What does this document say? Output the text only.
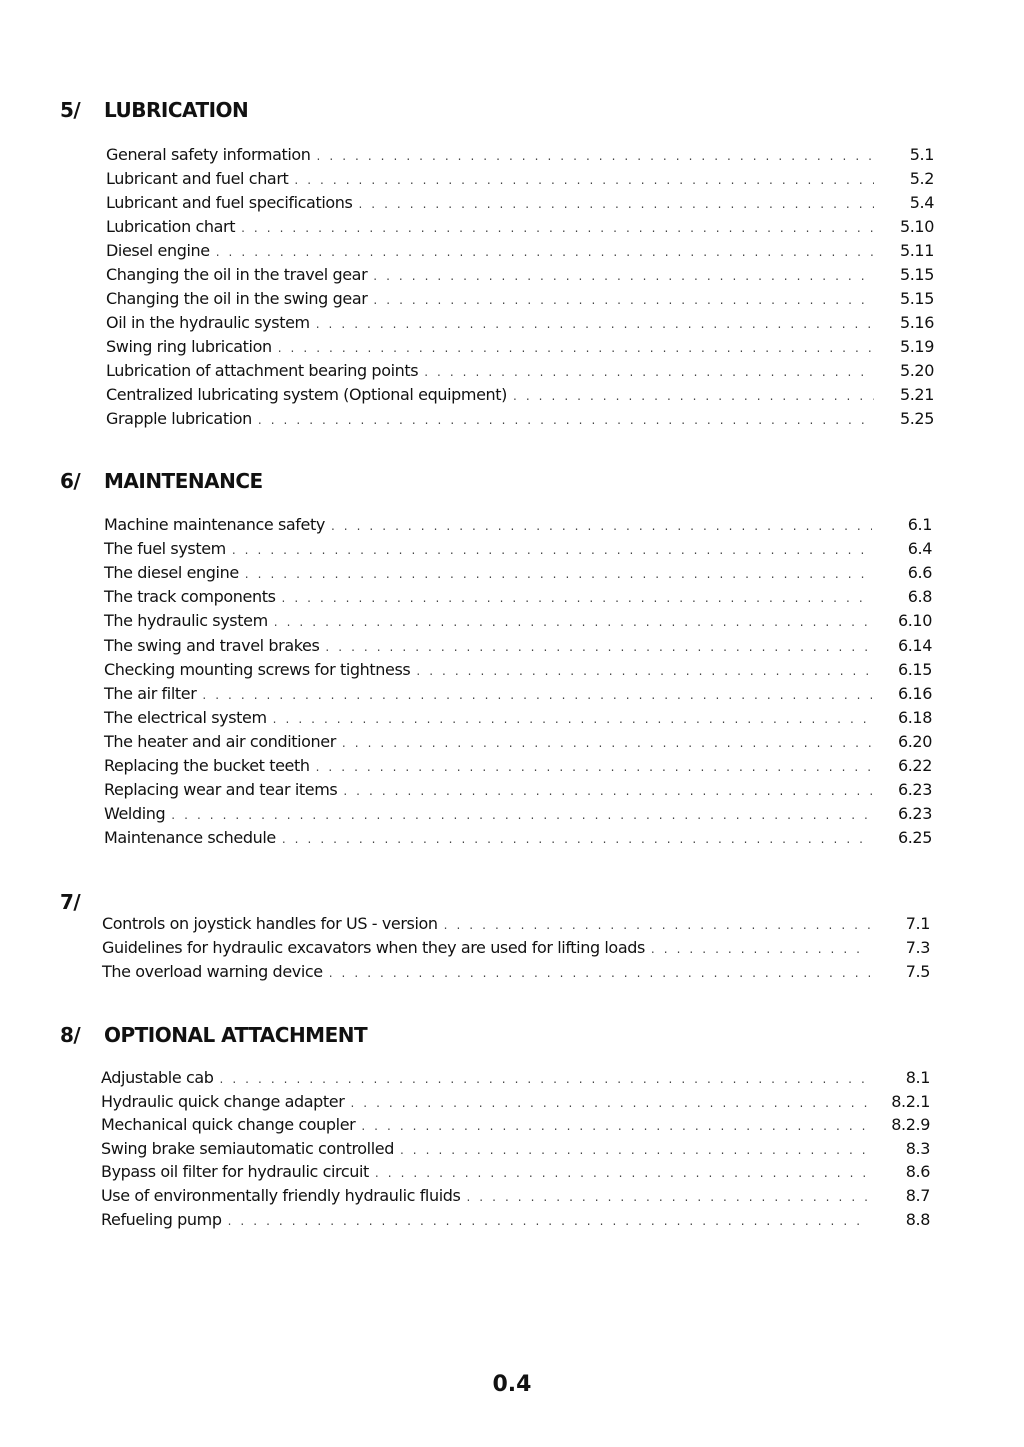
5/ LUBRICATION
General safety information . . .	5.1
Lubricant and fuel chart . . .	5.2
Lubricant and fuel specifications . . .	5.4
Lubrication chart . . .	5.10
Diesel engine . . .	5.11
Changing the oil in the travel gear . . .	5.15
Changing the oil in the swing gear . . .	5.15
Oil in the hydraulic system . . .	5.16
Swing ring lubrication . . .	5.19
Lubrication of attachment bearing points . . .	5.20
Centralized lubricating system (Optional equipment) . . .	5.21
Grapple lubrication . . .	5.25
6/ MAINTENANCE
Machine maintenance safety . . .	6.1
The fuel system . . .	6.4
The diesel engine . . .	6.6
The track components . . .	6.8
The hydraulic system . . .	6.10
The swing and travel brakes . . .	6.14
Checking mounting screws for tightness . . .	6.15
The air filter . . .	6.16
The electrical system . . .	6.18
The heater and air conditioner . . .	6.20
Replacing the bucket teeth . . .	6.22
Replacing wear and tear items . . .	6.23
Welding . . .	6.23
Maintenance schedule . . .	6.25
7/
Controls on joystick handles for US - version . . .	7.1
Guidelines for hydraulic excavators when they are used for lifting loads . . .	7.3
The overload warning device . . .	7.5
8/ OPTIONAL ATTACHMENT
Adjustable cab . . .	8.1
Hydraulic quick change adapter . . .	8.2.1
Mechanical quick change coupler . . .	8.2.9
Swing brake semiautomatic controlled . . .	8.3
Bypass oil filter for hydraulic circuit . . .	8.6
Use of environmentally friendly hydraulic fluids . . .	8.7
Refueling pump . . .	8.8
0.4
